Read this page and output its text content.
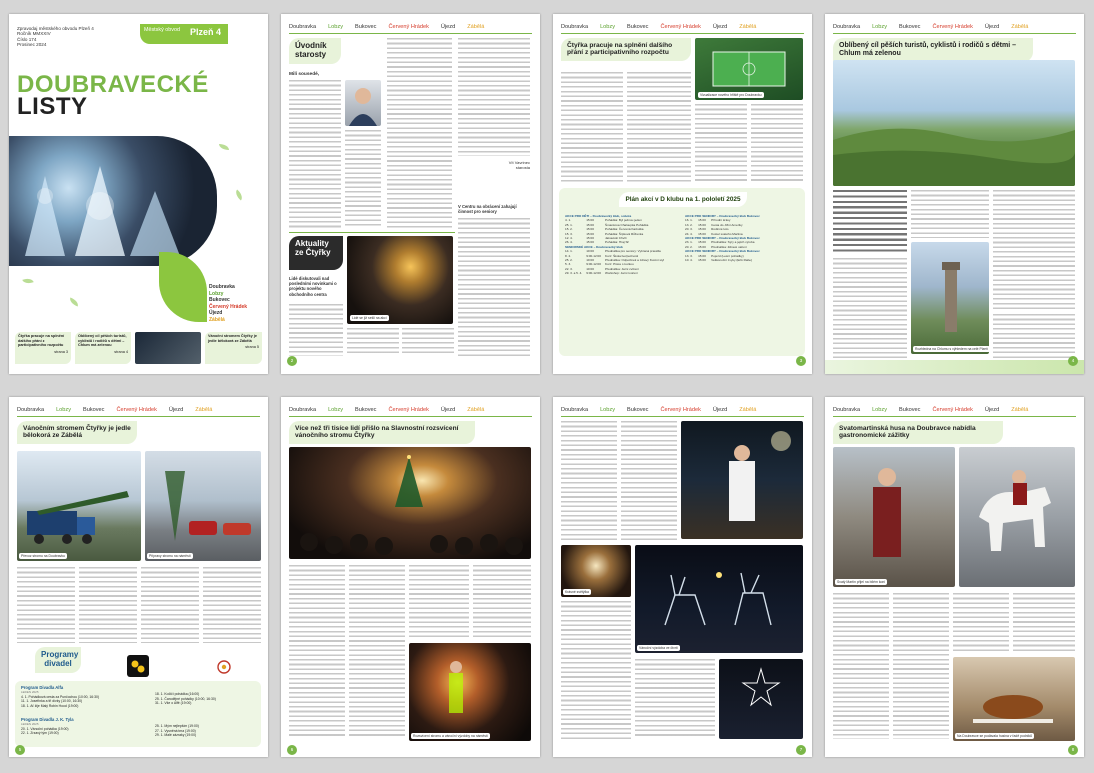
Zpravodaj městského obvodu Plzeň 4
Ročník MMXXIV
Číslo 174
Prosinec 2024
Městský obvod Plzeň 4
DOUBRAVECKÉ
LISTY
Doubravka
Lobzy
Bukovec
Červený Hrádek
Újezd
Zábělá
Čtyřka pracuje na splnění dalšího přání z participativního rozpočtu
strana 3
Oblíbený cíl pěších turistů, cyklistů i rodičů s dětmi – Chlum má zelenou
strana 4
Vánoční stromem Čtyřky je jedle bělokorá ze Zábělá
strana 5
Doubravka Lobzy Bukovec Červený Hrádek Újezd Zábělá
Úvodník starosty
Milí sousedé,
Vít Vavrinec
starosta
Aktuality ze Čtyřky
Lidé se již sešli na akci
Lidé diskutovali nad posledními novinkami o projektu nového obchodního centra
V Centru na obrácení zahajují činnost pro seniory
2
Doubravka Lobzy Bukovec Červený Hrádek Újezd Zábělá
Čtyřka pracuje na splnění dalšího přání z participativního rozpočtu
Vizualizace nového hřiště pro Doubravku
Plán akcí v D klubu na 1. pololetí 2025
AKCE PRO DĚTI – Doubravecký klub, sobota		
4. 1.	15:00	Pohádka: Byl jednou jeden
25. 1.	15:00	Šmankova Chaloupka Pohádka
15. 2.	15:00	Pohádka: Červená Karkulka
15. 3.	15:00	Pohádka: Šípková Růženka
12. 4.	15:00	Jakoukoli Chvíli
26. 4.	15:00	Pohádka: Hraj Si!
SENIORSKÉ AKCE – Doubravecký klub		
14. 1.	10:00	Přednáška pro seniory: Vybraná pravidla
8. 2.	9:00-12:00	Kurz: Škola bezpečnosti
25. 2.	10:00	Přednáška: Odpočinek a zdravý životní styl
5. 3.	9:00-12:00	Kurz: Práce s kurkou
22. 3.	10:00	Přednáška: Jarní cvičení
29. 3. a 5. 4.	9:00-12:00	Workshop: Jarní tvoření
AKCE PRO SENIORY – Doubravecký klub Bukovec		
16. 1.	15:00	Přírodní krásy
13. 2.	15:00	Cesta do Jižní Ameriky
20. 3.	15:00	Rodinné léto
24. 4.	15:00	Kostel svatého Martina
AKCE PRO SENIORY – Doubravecký klub Bukovec		
23. 1.	15:00	Přednáška: Sýry a jejich výroba
20. 2.	15:00	Přednáška: Zdravé vaření
AKCE PRO SENIORY – Doubravecký klub Bukovec		
13. 3.	15:00	Pojezd (Lesní pohádky)
10. 4.	15:00	Velikonoční zvyky (Erik Rabe)
3
Doubravka Lobzy Bukovec Červený Hrádek Újezd Zábělá
Oblíbený cíl pěších turistů, cyklistů i rodičů s dětmi – Chlum má zelenou
Rozhledna na Chlumu s výhledem na celé Plzeň
4
Doubravka Lobzy Bukovec Červený Hrádek Újezd Zábělá
Vánočním stromem Čtyřky je jedle bělokorá ze Zábělá
Převoz stromu na Doubravku	Přípravy stromu na náměstí
Programy divadel
Program Divadla Alfa
LEDEN 2025
4. 1. Pohádková cesta za Punčochou (10:00, 16:30)
11. 1. Josefínka a tři dívky (10:00, 16:30)
18. 1. Ať žije Malý Robin Hood (19:00)
18. 1. Kočičí pohádka (16:00)
25. 1. Čarodějné pohádky (10:00, 16:30)
31. 1. Vše o Alfě (19:00)
Program Divadla J. K. Tyla
LEDEN 2025
20. 1. Vánoční pohádka (19:00)
22. 1. Zrzavý tým (19:00)
25. 1. Mým nejlepším (19:00)
27. 1. Vysněná tma (19:00)
29. 1. Malé zázraky (19:00)
5
Doubravka Lobzy Bukovec Červený Hrádek Újezd Zábělá
Více než tři tisíce lidí přišlo na Slavnostní rozsvícení vánočního stromu Čtyřky
Rozsvícení stromu a vánoční výzdoby na náměstí
6
Doubravka Lobzy Bukovec Červený Hrádek Újezd Zábělá
Krásné světýlka
Vánoční výzdoba ve čtvrti
7
Doubravka Lobzy Bukovec Červený Hrádek Újezd Zábělá
Svatomartinská husa na Doubravce nabídla gastronomické zážitky
Svatý Martin přijel na bílém koni
Na Doubravce se podávala husina v řadě podniků
8
